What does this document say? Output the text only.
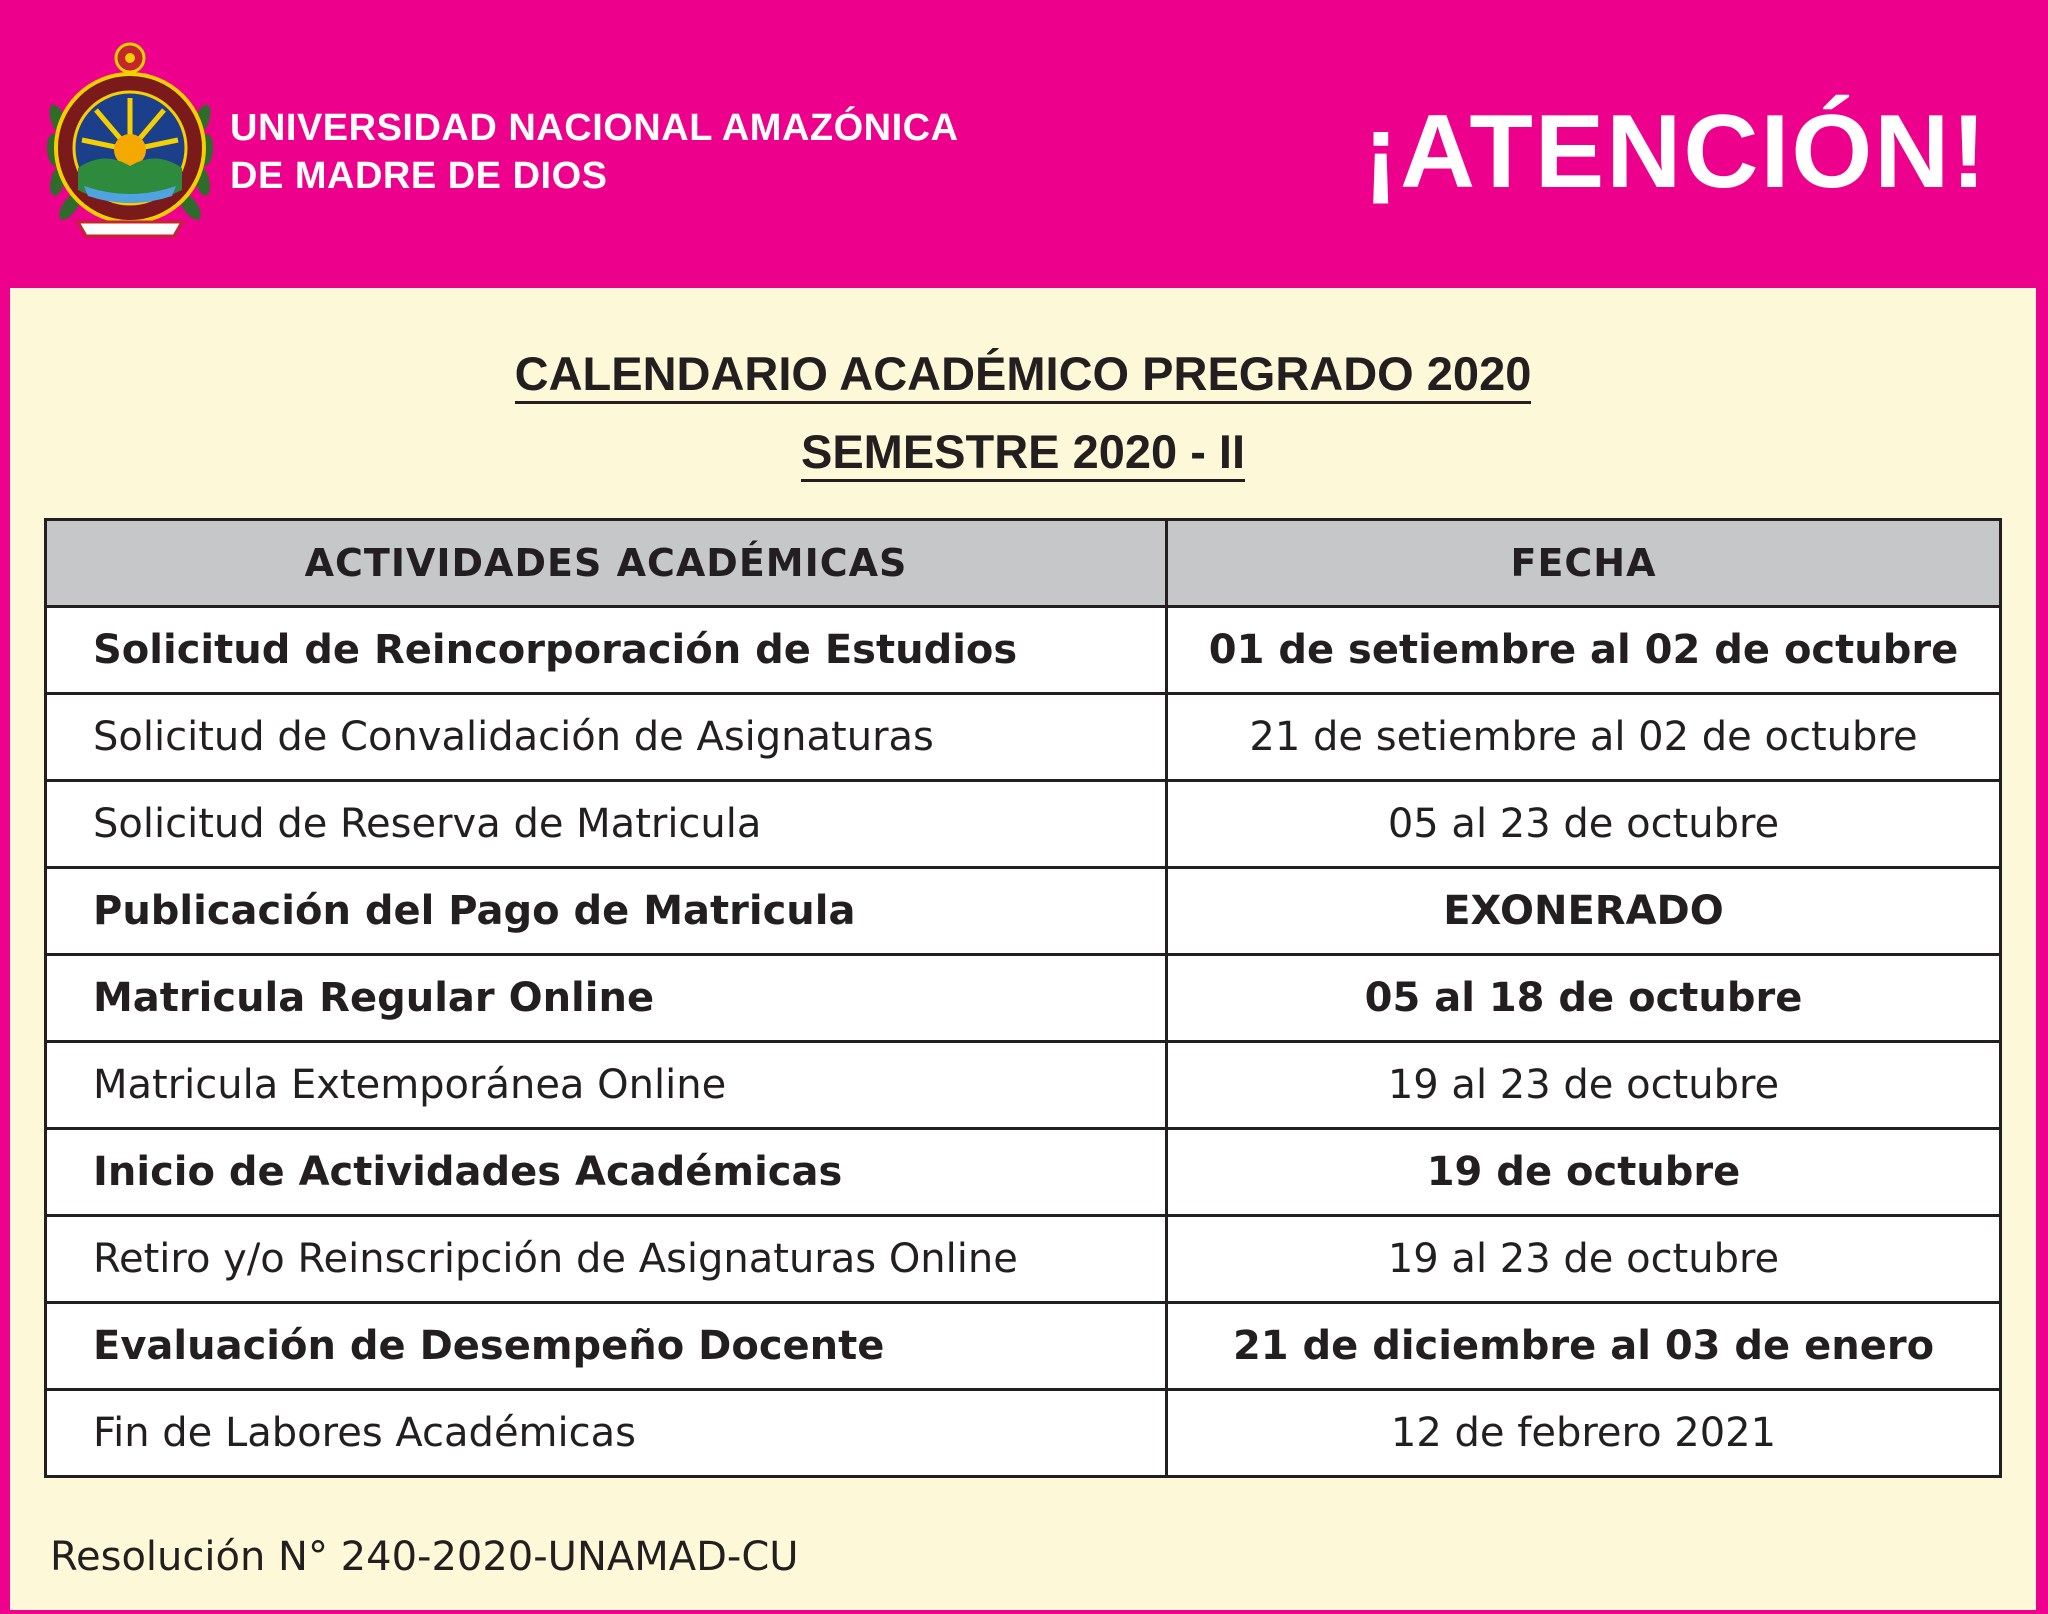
UNIVERSIDAD NACIONAL AMAZÓNICA
DE MADRE DE DIOS	¡ATENCIÓN!
CALENDARIO ACADÉMICO PREGRADO 2020
SEMESTRE 2020 - II
ACTIVIDADES ACADÉMICAS	FECHA
Solicitud de Reincorporación de Estudios	01 de setiembre al 02 de octubre
Solicitud de Convalidación de Asignaturas	21 de setiembre al 02 de octubre
Solicitud de Reserva de Matricula	05 al 23 de octubre
Publicación del Pago de Matricula	EXONERADO
Matricula Regular Online	05 al 18 de octubre
Matricula Extemporánea Online	19 al 23 de octubre
Inicio de Actividades Académicas	19 de octubre
Retiro y/o Reinscripción de Asignaturas Online	19 al 23 de octubre
Evaluación de Desempeño Docente	21 de diciembre al 03 de enero
Fin de Labores Académicas	12 de febrero 2021
Resolución N° 240-2020-UNAMAD-CU
